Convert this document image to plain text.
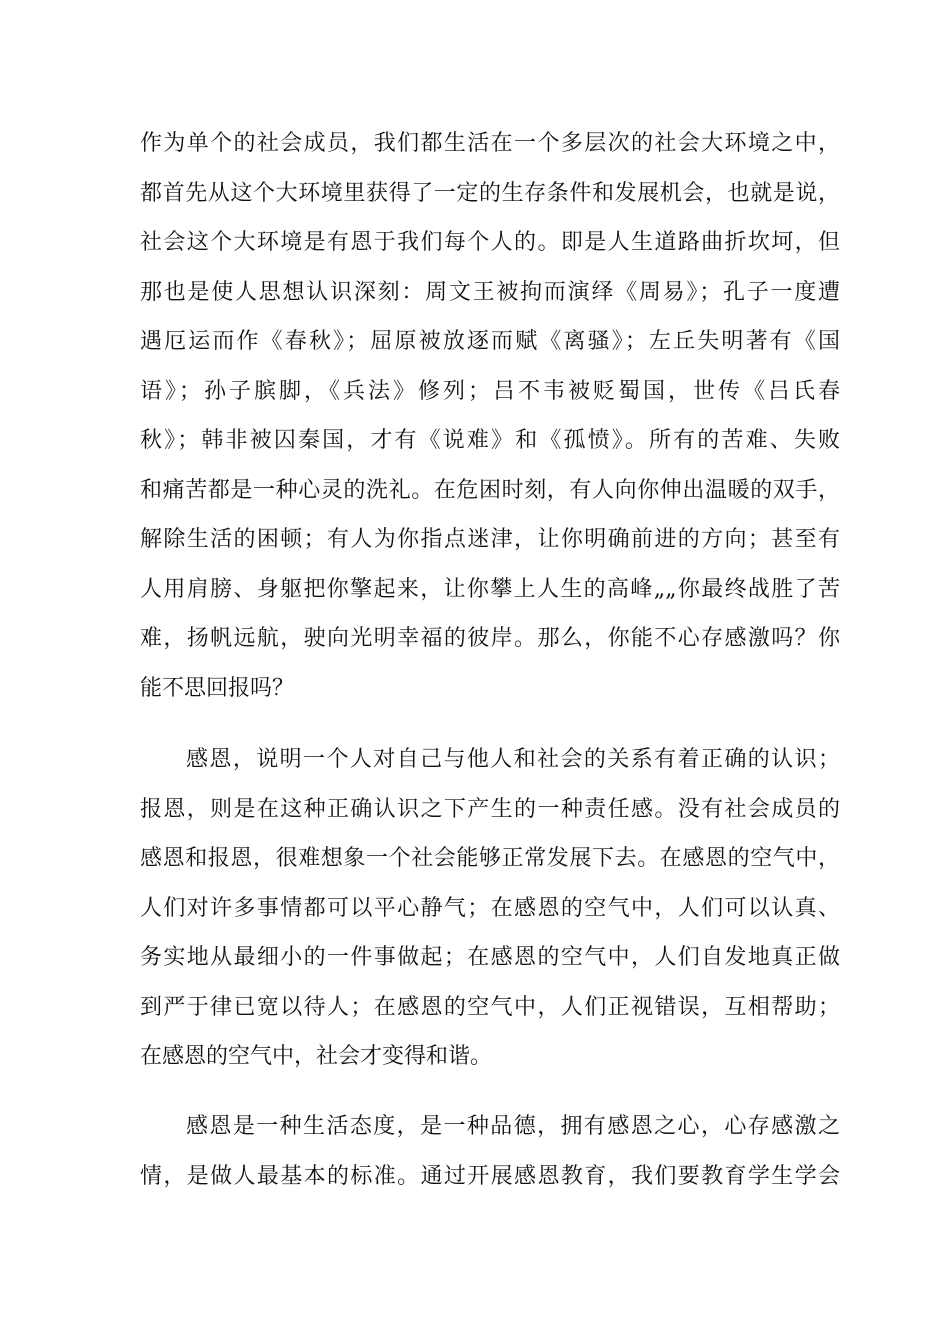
作为单个的社会成员，我们都生活在一个多层次的社会大环境之中，
都首先从这个大环境里获得了一定的生存条件和发展机会，也就是说，
社会这个大环境是有恩于我们每个人的。即是人生道路曲折坎坷，但
那也是使人思想认识深刻：周文王被拘而演绎《周易》；孔子一度遭
遇厄运而作《春秋》；屈原被放逐而赋《离骚》；左丘失明著有《国
语》；孙子膑脚，《兵法》修列；吕不韦被贬蜀国，世传《吕氏春
秋》；韩非被囚秦国，才有《说难》和《孤愤》。所有的苦难、失败
和痛苦都是一种心灵的洗礼。在危困时刻，有人向你伸出温暖的双手，
解除生活的困顿；有人为你指点迷津，让你明确前进的方向；甚至有
人用肩膀、身躯把你擎起来，让你攀上人生的高峰„„你最终战胜了苦
难，扬帆远航，驶向光明幸福的彼岸。那么，你能不心存感激吗？你
能不思回报吗？
感恩，说明一个人对自己与他人和社会的关系有着正确的认识；
报恩，则是在这种正确认识之下产生的一种责任感。没有社会成员的
感恩和报恩，很难想象一个社会能够正常发展下去。在感恩的空气中，
人们对许多事情都可以平心静气；在感恩的空气中，人们可以认真、
务实地从最细小的一件事做起；在感恩的空气中，人们自发地真正做
到严于律已宽以待人；在感恩的空气中，人们正视错误，互相帮助；
在感恩的空气中，社会才变得和谐。
感恩是一种生活态度，是一种品德，拥有感恩之心，心存感激之
情，是做人最基本的标准。通过开展感恩教育，我们要教育学生学会
